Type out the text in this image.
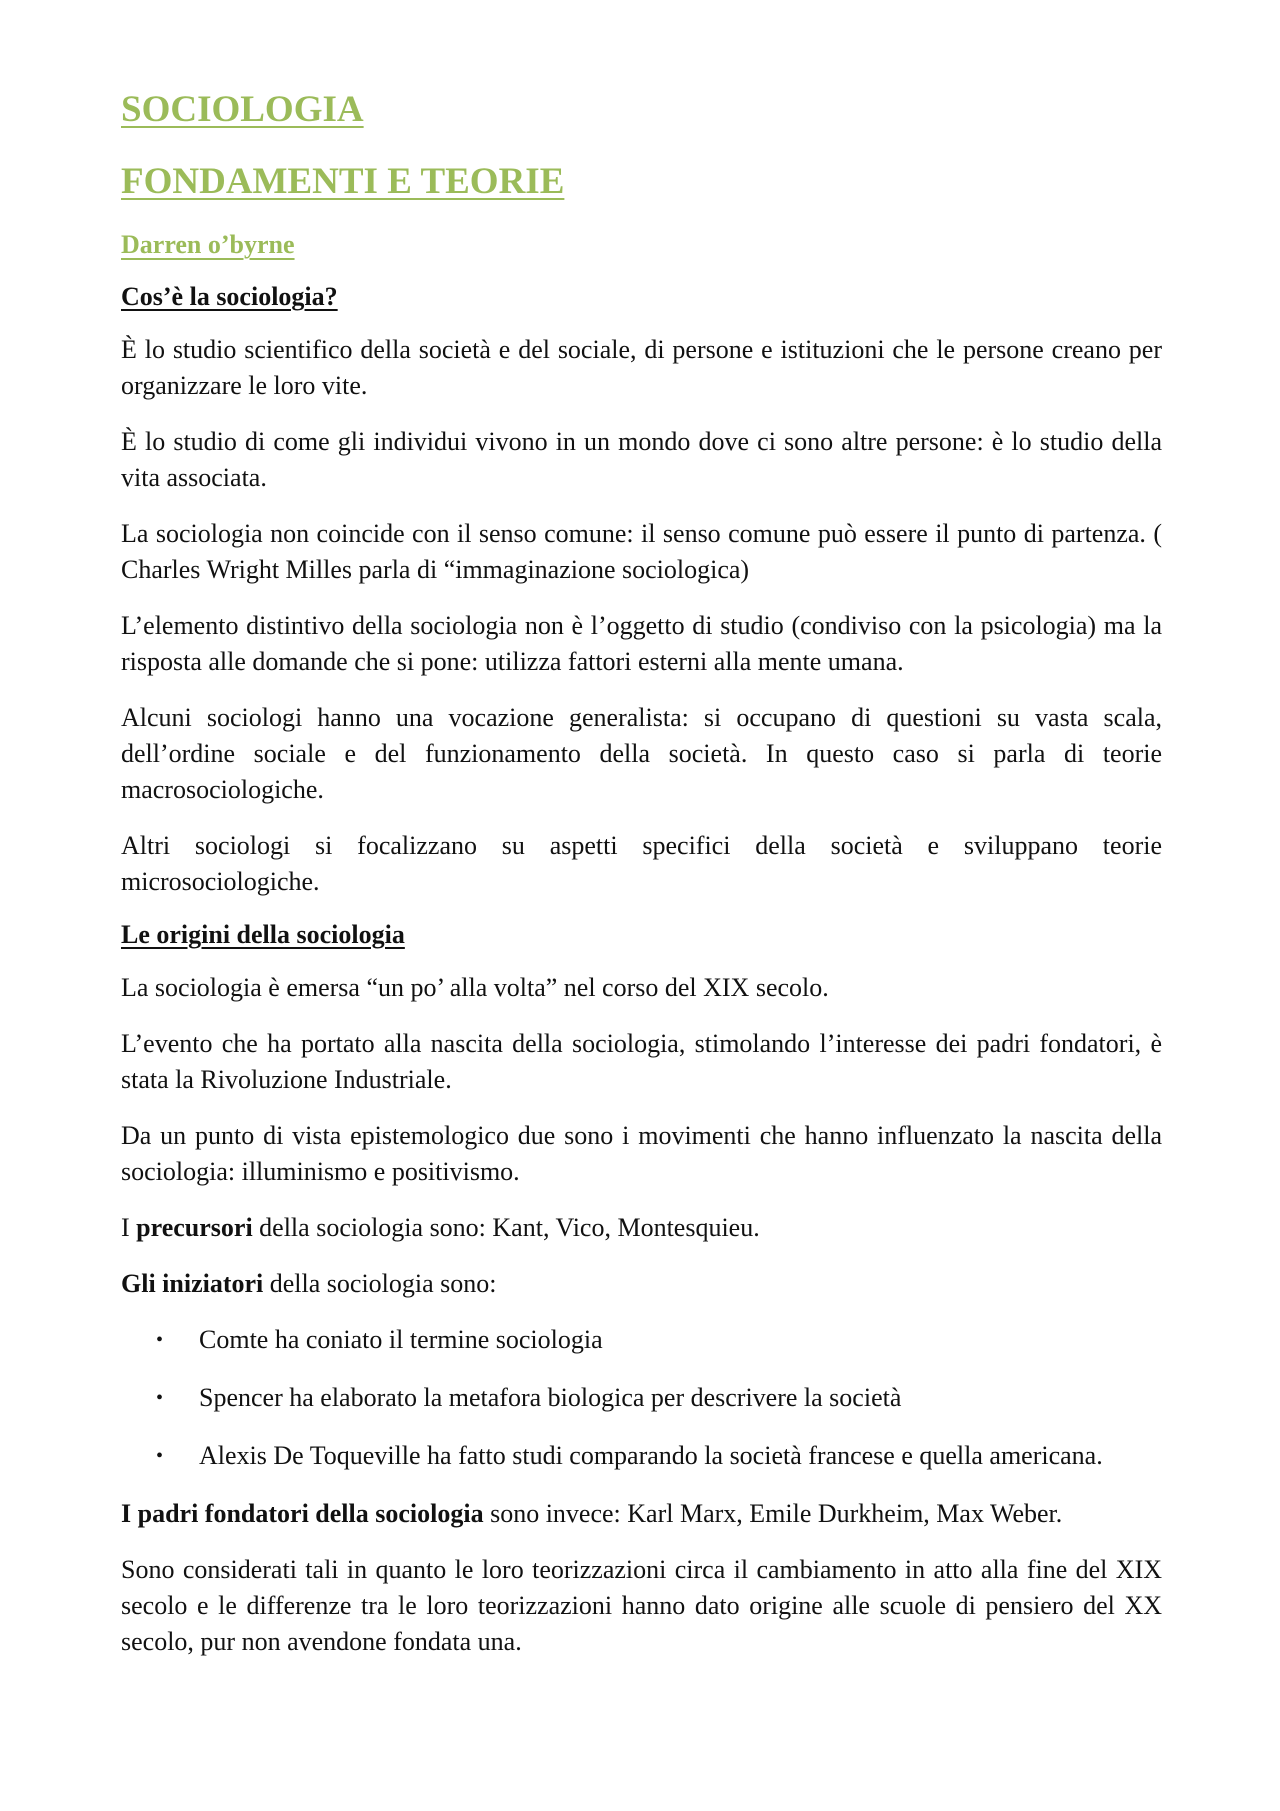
SOCIOLOGIA
FONDAMENTI E TEORIE
Darren o’byrne
Cos’è la sociologia?

È lo studio scientifico della società e del sociale, di persone e istituzioni che le persone creano per organizzare le loro vite.

È lo studio di come gli individui vivono in un mondo dove ci sono altre persone: è lo studio della vita associata.

La sociologia non coincide con il senso comune: il senso comune può essere il punto di partenza. ( Charles Wright Milles parla di “immaginazione sociologica)

L’elemento distintivo della sociologia non è l’oggetto di studio (condiviso con la psicologia) ma la risposta alle domande che si pone: utilizza fattori esterni alla mente umana.

Alcuni sociologi hanno una vocazione generalista: si occupano di questioni su vasta scala, dell’ordine sociale e del funzionamento della società. In questo caso si parla di teorie macrosociologiche.

Altri sociologi si focalizzano su aspetti specifici della società e sviluppano teorie microsociologiche.

Le origini della sociologia

La sociologia è emersa “un po’ alla volta” nel corso del XIX secolo.

L’evento che ha portato alla nascita della sociologia, stimolando l’interesse dei padri fondatori, è stata la Rivoluzione Industriale.

Da un punto di vista epistemologico due sono i movimenti che hanno influenzato la nascita della sociologia: illuminismo e positivismo.

I precursori della sociologia sono: Kant, Vico, Montesquieu.

Gli iniziatori della sociologia sono:

• Comte ha coniato il termine sociologia
• Spencer ha elaborato la metafora biologica per descrivere la società
• Alexis De Toqueville ha fatto studi comparando la società francese e quella americana.

I padri fondatori della sociologia sono invece: Karl Marx, Emile Durkheim, Max Weber.

Sono considerati tali in quanto le loro teorizzazioni circa il cambiamento in atto alla fine del XIX secolo e le differenze tra le loro teorizzazioni hanno dato origine alle scuole di pensiero del XX secolo, pur non avendone fondata una.
